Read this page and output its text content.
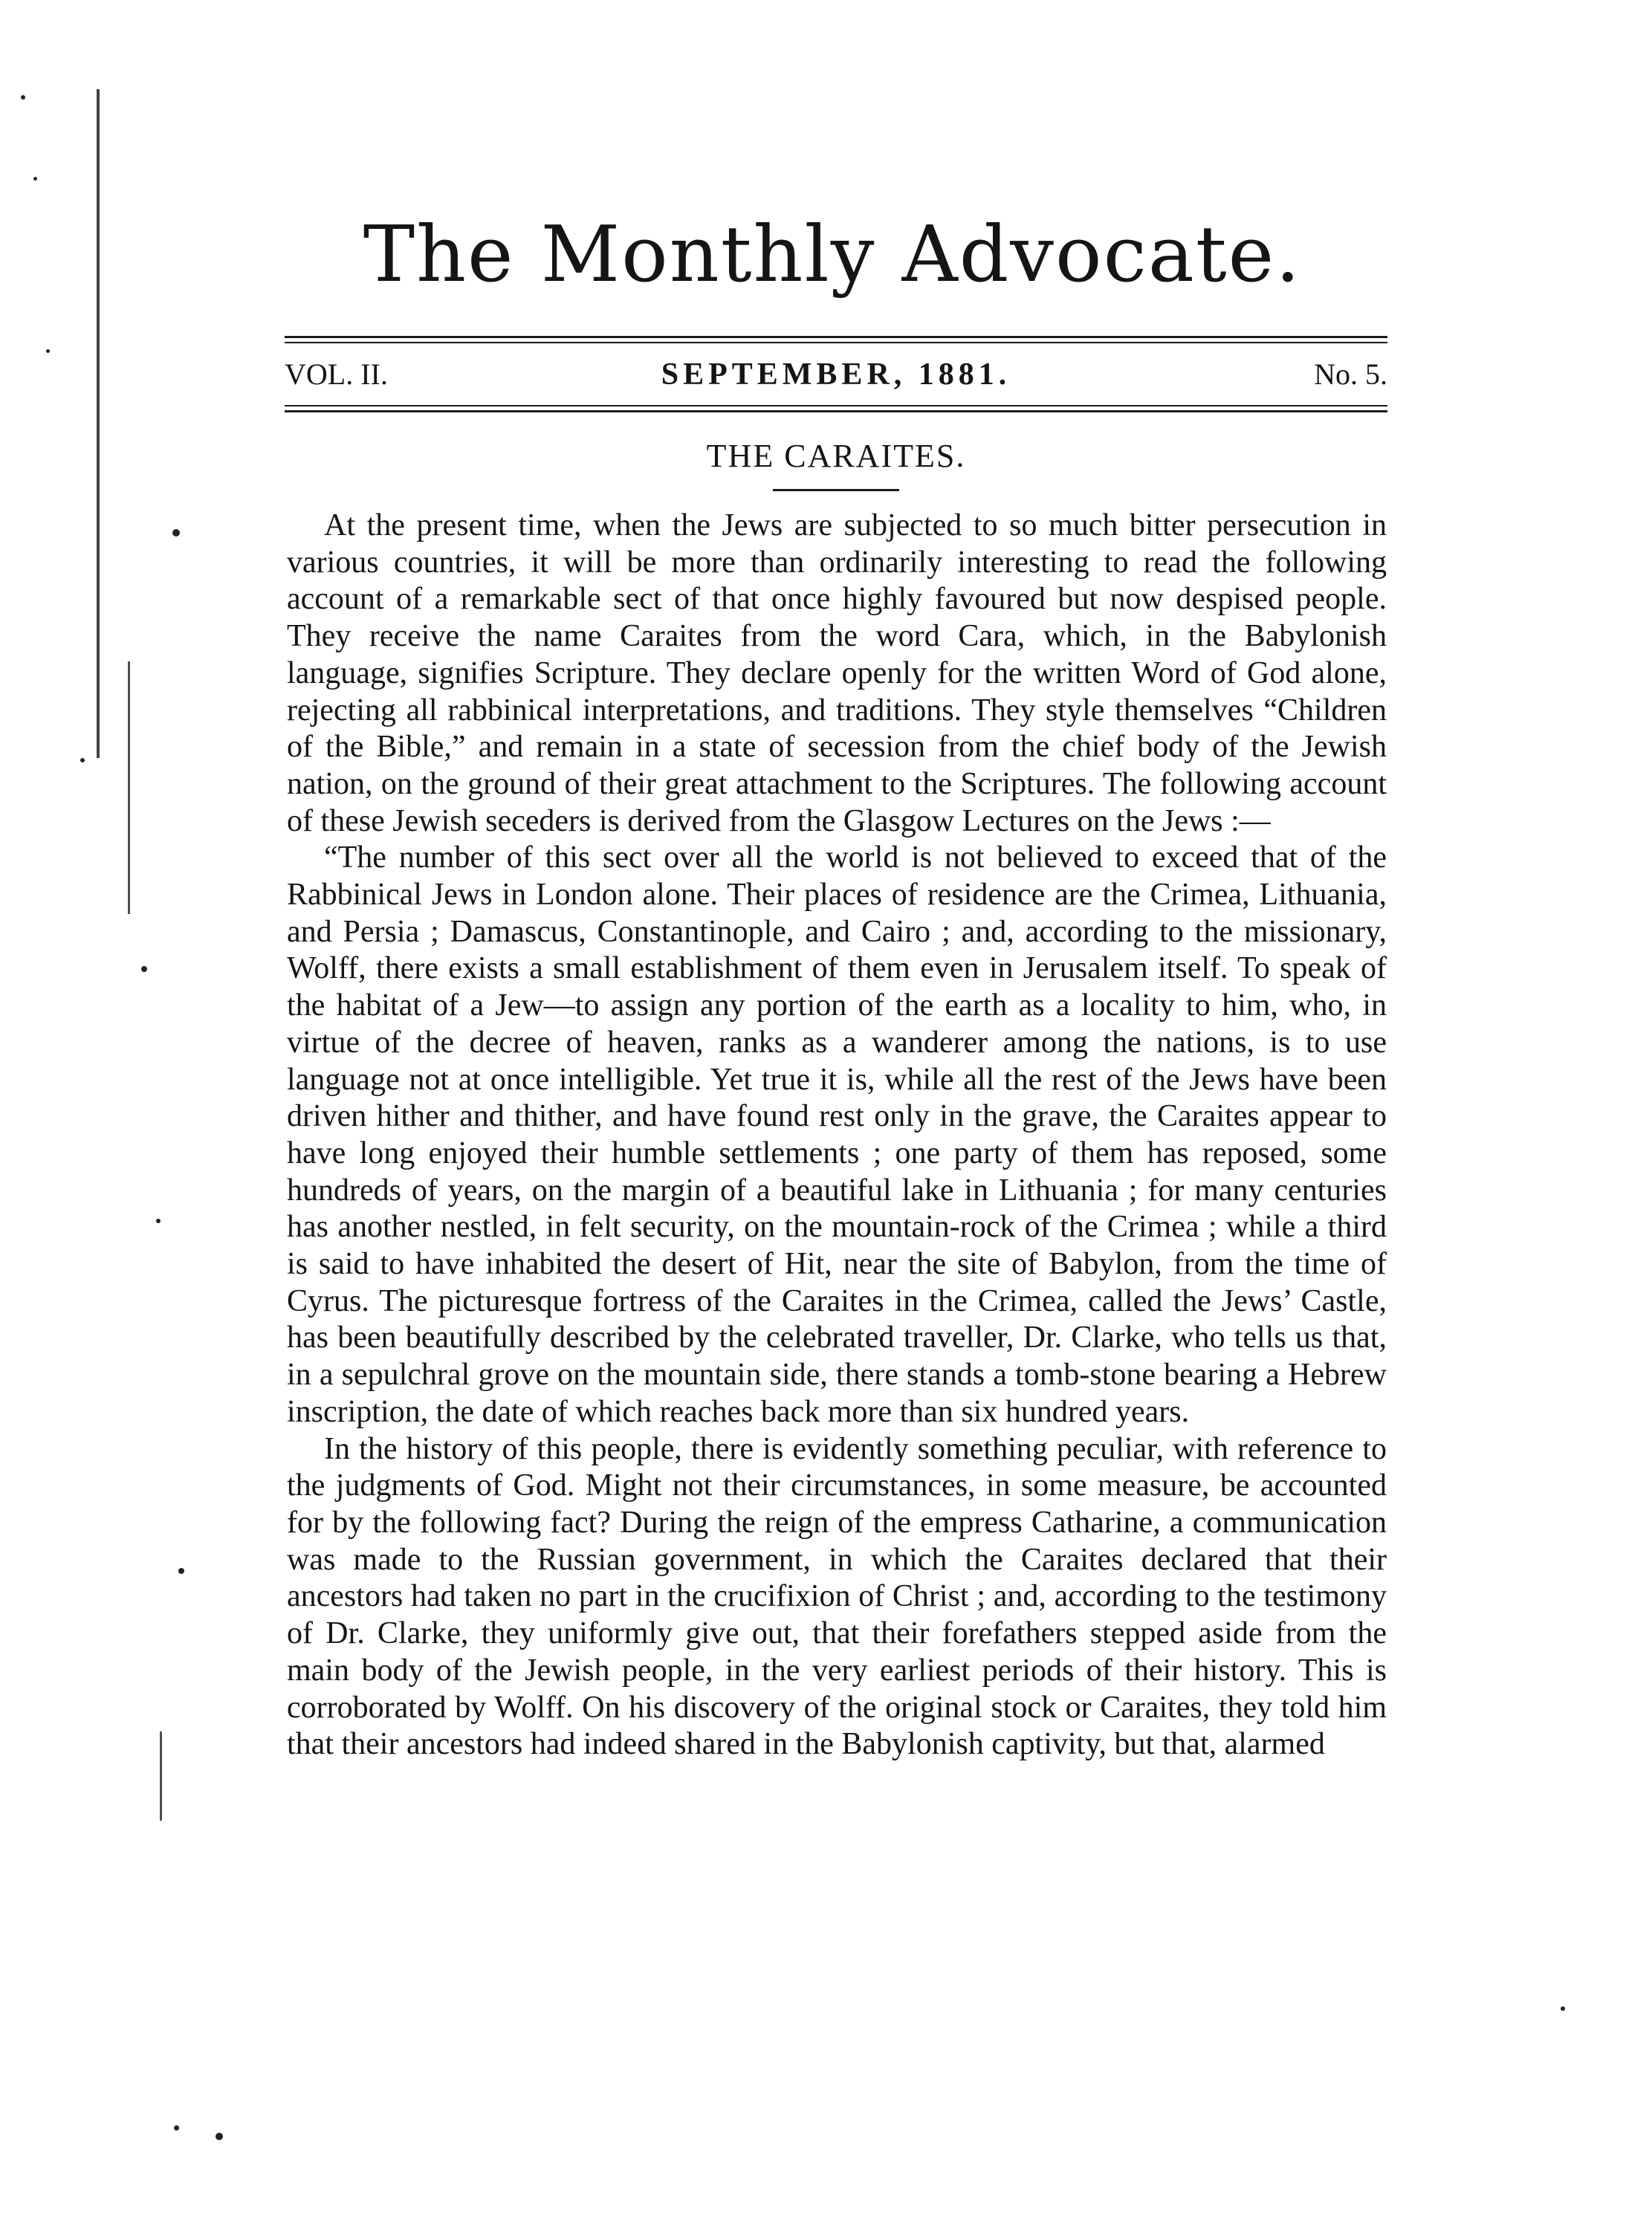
The Monthly Advocate.
VOL. II.	SEPTEMBER, 1881.	No. 5.
THE CARAITES.

At the present time, when the Jews are subjected to so much bitter persecution in various countries, it will be more than ordinarily interesting to read the following account of a remarkable sect of that once highly favoured but now despised people. They receive the name Caraites from the word Cara, which, in the Babylonish language, signifies Scripture. They declare openly for the written Word of God alone, rejecting all rabbinical interpretations, and traditions. They style themselves “Children of the Bible,” and remain in a state of secession from the chief body of the Jewish nation, on the ground of their great attachment to the Scriptures. The following account of these Jewish seceders is derived from the Glasgow Lectures on the Jews :—

“The number of this sect over all the world is not believed to exceed that of the Rabbinical Jews in London alone. Their places of residence are the Crimea, Lithuania, and Persia ; Damascus, Constantinople, and Cairo ; and, according to the missionary, Wolff, there exists a small establishment of them even in Jerusalem itself. To speak of the habitat of a Jew—to assign any portion of the earth as a locality to him, who, in virtue of the decree of heaven, ranks as a wanderer among the nations, is to use language not at once intelligible. Yet true it is, while all the rest of the Jews have been driven hither and thither, and have found rest only in the grave, the Caraites appear to have long enjoyed their humble settlements ; one party of them has reposed, some hundreds of years, on the margin of a beautiful lake in Lithuania ; for many centuries has another nestled, in felt security, on the mountain-rock of the Crimea ; while a third is said to have inhabited the desert of Hit, near the site of Babylon, from the time of Cyrus. The picturesque fortress of the Caraites in the Crimea, called the Jews’ Castle, has been beautifully described by the celebrated traveller, Dr. Clarke, who tells us that, in a sepulchral grove on the mountain side, there stands a tomb-stone bearing a Hebrew inscription, the date of which reaches back more than six hundred years.

In the history of this people, there is evidently something peculiar, with reference to the judgments of God. Might not their circumstances, in some measure, be accounted for by the following fact? During the reign of the empress Catharine, a communication was made to the Russian government, in which the Caraites declared that their ancestors had taken no part in the crucifixion of Christ ; and, according to the testimony of Dr. Clarke, they uniformly give out, that their forefathers stepped aside from the main body of the Jewish people, in the very earliest periods of their history. This is corroborated by Wolff. On his discovery of the original stock or Caraites, they told him that their ancestors had indeed shared in the Babylonish captivity, but that, alarmed
